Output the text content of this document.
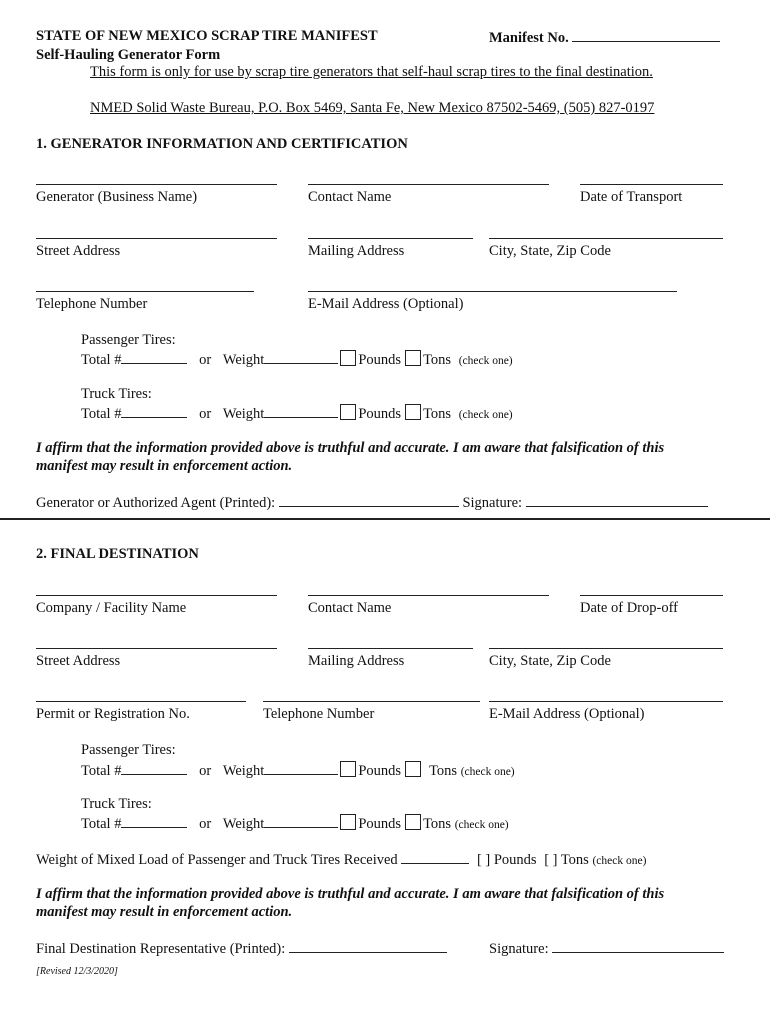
STATE OF NEW MEXICO SCRAP TIRE MANIFEST	Manifest No.
Self-Hauling Generator Form
This form is only for use by scrap tire generators that self-haul scrap tires to the final destination.
NMED Solid Waste Bureau, P.O. Box 5469, Santa Fe, New Mexico 87502-5469, (505) 827-0197
1. GENERATOR INFORMATION AND CERTIFICATION
Generator (Business Name)	Contact Name	Date of Transport
Street Address	Mailing Address	City, State, Zip Code
Telephone Number	E-Mail Address (Optional)
Passenger Tires:
Total #	or Weight	Pounds Tons (check one)
Truck Tires:
Total #	or Weight	Pounds Tons (check one)
I affirm that the information provided above is truthful and accurate. I am aware that falsification of this
manifest may result in enforcement action.
Generator or Authorized Agent (Printed):	Signature:
2. FINAL DESTINATION
Company / Facility Name	Contact Name	Date of Drop-off
Street Address	Mailing Address	City, State, Zip Code
Permit or Registration No.	Telephone Number	E-Mail Address (Optional)
Passenger Tires:
Total #	or Weight	Pounds Tons (check one)
Truck Tires:
Total #	or Weight	Pounds Tons (check one)
Weight of Mixed Load of Passenger and Truck Tires Received	[ ] Pounds [ ] Tons (check one)
I affirm that the information provided above is truthful and accurate. I am aware that falsification of this
manifest may result in enforcement action.
Final Destination Representative (Printed):	Signature:
[Revised 12/3/2020]
